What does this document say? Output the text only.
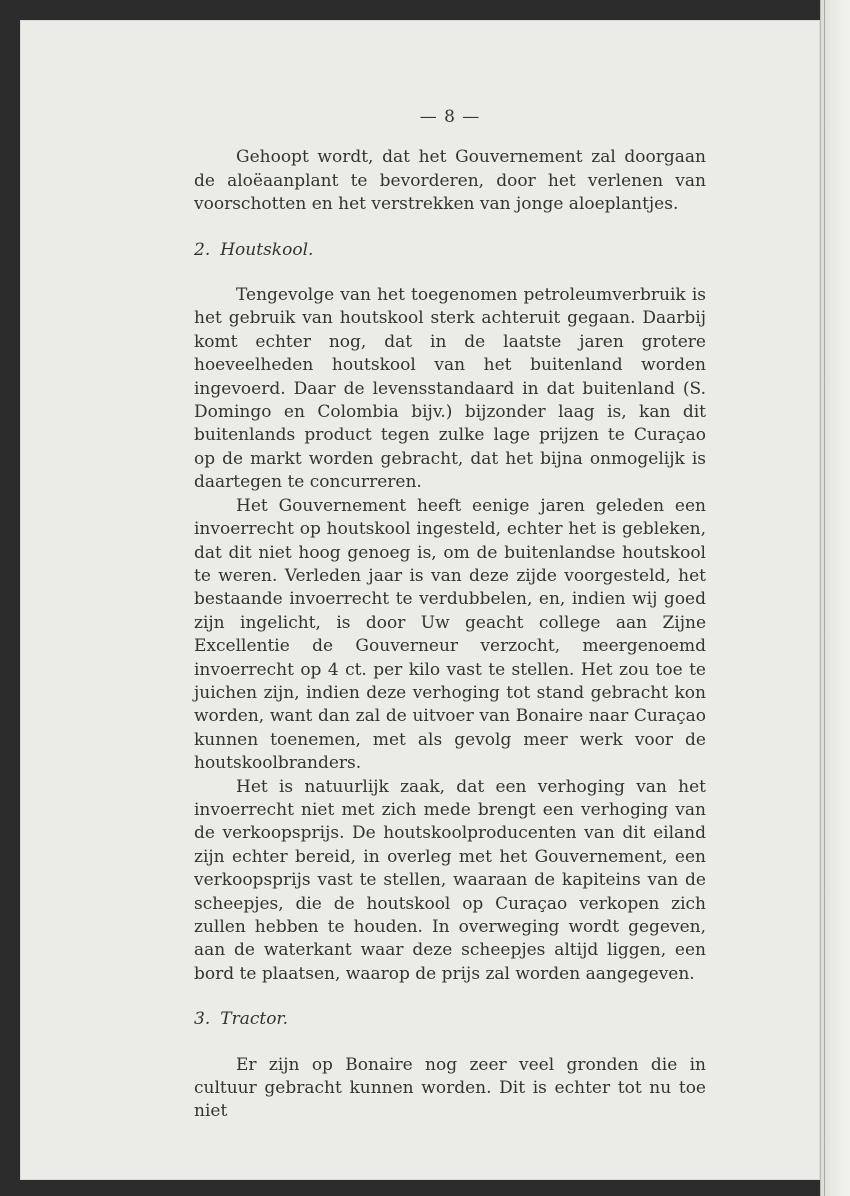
— 8 —

Gehoopt wordt, dat het Gouvernement zal doorgaan de aloëaanplant te bevorderen, door het verlenen van voorschotten en het verstrekken van jonge aloeplantjes.

2. Houtskool.

Tengevolge van het toegenomen petroleumverbruik is het gebruik van houtskool sterk achteruit gegaan. Daarbij komt echter nog, dat in de laatste jaren grotere hoeveelheden houtskool van het buitenland worden ingevoerd. Daar de levensstandaard in dat buitenland (S. Domingo en Colombia bijv.) bijzonder laag is, kan dit buitenlands product tegen zulke lage prijzen te Curaçao op de markt worden gebracht, dat het bijna onmogelijk is daartegen te concurreren.

Het Gouvernement heeft eenige jaren geleden een invoerrecht op houtskool ingesteld, echter het is gebleken, dat dit niet hoog genoeg is, om de buitenlandse houtskool te weren. Verleden jaar is van deze zijde voorgesteld, het bestaande invoerrecht te verdubbelen, en, indien wij goed zijn ingelicht, is door Uw geacht college aan Zijne Excellentie de Gouverneur verzocht, meergenoemd invoerrecht op 4 ct. per kilo vast te stellen. Het zou toe te juichen zijn, indien deze verhoging tot stand gebracht kon worden, want dan zal de uitvoer van Bonaire naar Curaçao kunnen toenemen, met als gevolg meer werk voor de houtskoolbranders.

Het is natuurlijk zaak, dat een verhoging van het invoerrecht niet met zich mede brengt een verhoging van de verkoopsprijs. De houtskoolproducenten van dit eiland zijn echter bereid, in overleg met het Gouvernement, een verkoopsprijs vast te stellen, waaraan de kapiteins van de scheepjes, die de houtskool op Curaçao verkopen zich zullen hebben te houden. In overweging wordt gegeven, aan de waterkant waar deze scheepjes altijd liggen, een bord te plaatsen, waarop de prijs zal worden aangegeven.

3. Tractor.

Er zijn op Bonaire nog zeer veel gronden die in cultuur gebracht kunnen worden. Dit is echter tot nu toe niet
